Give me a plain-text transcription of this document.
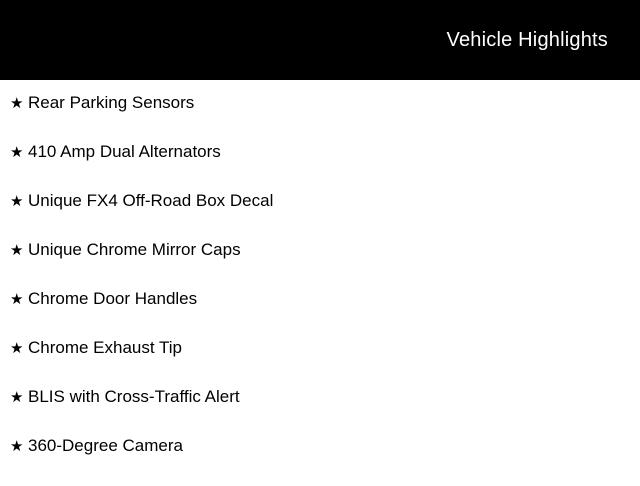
Vehicle Highlights
★ Rear Parking Sensors
★ 410 Amp Dual Alternators
★ Unique FX4 Off-Road Box Decal
★ Unique Chrome Mirror Caps
★ Chrome Door Handles
★ Chrome Exhaust Tip
★ BLIS with Cross-Traffic Alert
★ 360-Degree Camera
